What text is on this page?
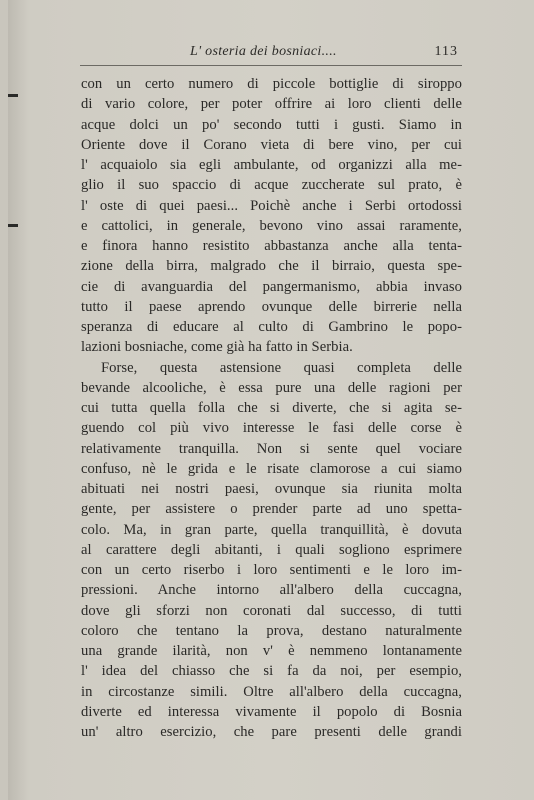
L' osteria dei bosniaci....	113
con un certo numero di piccole bottiglie di siroppo
di vario colore, per poter offrire ai loro clienti delle
acque dolci un po' secondo tutti i gusti. Siamo in
Oriente dove il Corano vieta di bere vino, per cui
l' acquaiolo sia egli ambulante, od organizzi alla me-
glio il suo spaccio di acque zuccherate sul prato, è
l' oste di quei paesi... Poichè anche i Serbi ortodossi
e cattolici, in generale, bevono vino assai raramente,
e finora hanno resistito abbastanza anche alla tenta-
zione della birra, malgrado che il birraio, questa spe-
cie di avanguardia del pangermanismo, abbia invaso
tutto il paese aprendo ovunque delle birrerie nella
speranza di educare al culto di Gambrino le popo-
lazioni bosniache, come già ha fatto in Serbia.
Forse, questa astensione quasi completa delle
bevande alcooliche, è essa pure una delle ragioni per
cui tutta quella folla che si diverte, che si agita se-
guendo col più vivo interesse le fasi delle corse è
relativamente tranquilla. Non si sente quel vociare
confuso, nè le grida e le risate clamorose a cui siamo
abituati nei nostri paesi, ovunque sia riunita molta
gente, per assistere o prender parte ad uno spetta-
colo. Ma, in gran parte, quella tranquillità, è dovuta
al carattere degli abitanti, i quali sogliono esprimere
con un certo riserbo i loro sentimenti e le loro im-
pressioni. Anche intorno all'albero della cuccagna,
dove gli sforzi non coronati dal successo, di tutti
coloro che tentano la prova, destano naturalmente
una grande ilarità, non v' è nemmeno lontanamente
l' idea del chiasso che si fa da noi, per esempio,
in circostanze simili. Oltre all'albero della cuccagna,
diverte ed interessa vivamente il popolo di Bosnia
un' altro esercizio, che pare presenti delle grandi
